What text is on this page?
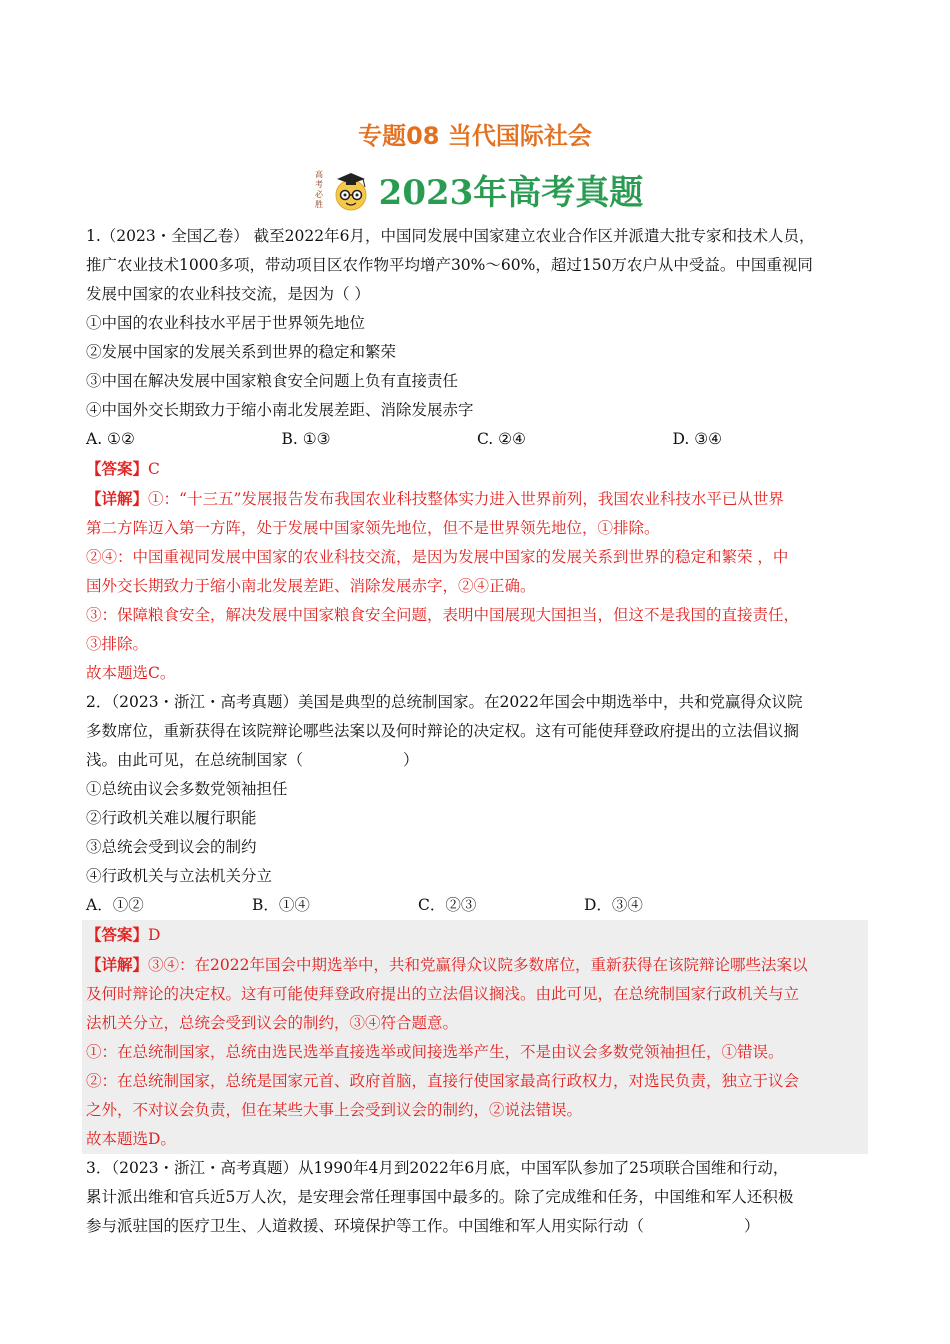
专题08 当代国际社会
高
考
必
胜 2023年高考真题
1.（2023・全国乙卷） 截至2022年6月，中国同发展中国家建立农业合作区并派遣大批专家和技术人员，
推广农业技术1000多项，带动项目区农作物平均增产30%～60%，超过150万农户从中受益。中国重视同
发展中国家的农业科技交流，是因为（ ）
①中国的农业科技水平居于世界领先地位
②发展中国家的发展关系到世界的稳定和繁荣
③中国在解决发展中国家粮食安全问题上负有直接责任
④中国外交长期致力于缩小南北发展差距、消除发展赤字
A. ①②	B. ①③	C. ②④	D. ③④
【答案】C
【详解】①：“十三五”发展报告发布我国农业科技整体实力进入世界前列，我国农业科技水平已从世界
第二方阵迈入第一方阵，处于发展中国家领先地位，但不是世界领先地位，①排除。
②④：中国重视同发展中国家的农业科技交流，是因为发展中国家的发展关系到世界的稳定和繁荣 ，中
国外交长期致力于缩小南北发展差距、消除发展赤字，②④正确。
③：保障粮食安全，解决发展中国家粮食安全问题，表明中国展现大国担当，但这不是我国的直接责任，
③排除。
故本题选C。
2．（2023・浙江・高考真题）美国是典型的总统制国家。在2022年国会中期选举中，共和党赢得众议院
多数席位，重新获得在该院辩论哪些法案以及何时辩论的决定权。这有可能使拜登政府提出的立法倡议搁
浅。由此可见，在总统制国家（	）
①总统由议会多数党领袖担任
②行政机关难以履行职能
③总统会受到议会的制约
④行政机关与立法机关分立
A．①②	B．①④	C．②③	D．③④
【答案】D
【详解】③④：在2022年国会中期选举中，共和党赢得众议院多数席位，重新获得在该院辩论哪些法案以
及何时辩论的决定权。这有可能使拜登政府提出的立法倡议搁浅。由此可见，在总统制国家行政机关与立
法机关分立，总统会受到议会的制约，③④符合题意。
①：在总统制国家，总统由选民选举直接选举或间接选举产生，不是由议会多数党领袖担任，①错误。
②：在总统制国家，总统是国家元首、政府首脑，直接行使国家最高行政权力，对选民负责，独立于议会
之外，不对议会负责，但在某些大事上会受到议会的制约，②说法错误。
故本题选D。
3．（2023・浙江・高考真题）从1990年4月到2022年6月底，中国军队参加了25项联合国维和行动，
累计派出维和官兵近5万人次，是安理会常任理事国中最多的。除了完成维和任务，中国维和军人还积极
参与派驻国的医疗卫生、人道救援、环境保护等工作。中国维和军人用实际行动（	）
